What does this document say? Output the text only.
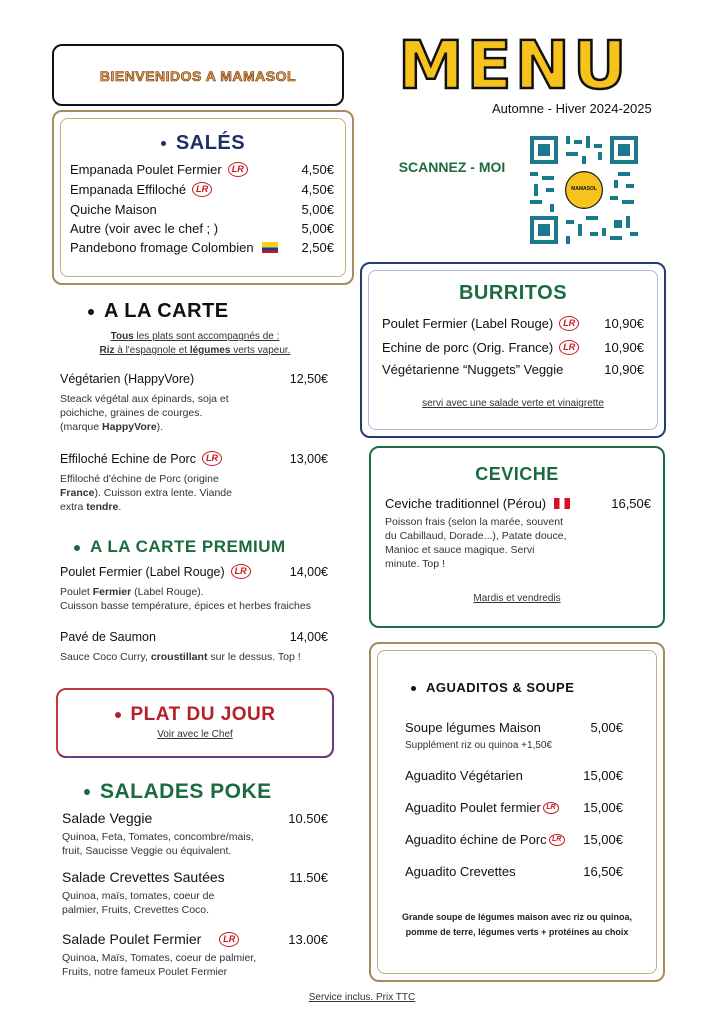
BIENVENIDOS A MAMASOL	MENU
Automne - Hiver 2024-2025
SCANNEZ - MOI
MAMASOL
SALÉS
Empanada Poulet Fermier	LR	4,50€
Empanada Effiloché	LR	4,50€
Quiche Maison	5,00€
Autre (voir avec le chef ; )	5,00€
Pandebono fromage Colombien	2,50€
BURRITOS
Poulet Fermier (Label Rouge)	LR	10,90€
Echine de porc (Orig. France)	LR	10,90€
Végétarienne “Nuggets” Veggie	10,90€
servi avec une salade verte et vinaigrette
A LA CARTE
Tous les plats sont accompagnés de :
Riz à l'espagnole et légumes verts vapeur.
Végétarien (HappyVore)	12,50€
Steack végétal aux épinards, soja et
poichiche, graines de courges.
(marque HappyVore).
Effiloché Echine de Porc	LR	13,00€
Effiloché d'échine de Porc (origine
France). Cuisson extra lente. Viande
extra tendre.
CEVICHE
Ceviche traditionnel (Pérou)	16,50€
Poisson frais (selon la marée, souvent
du Cabillaud, Dorade...), Patate douce,
Manioc et sauce magique. Servi
minute. Top !
Mardis et vendredis
A LA CARTE PREMIUM
Poulet Fermier (Label Rouge)	LR	14,00€
Poulet Fermier (Label Rouge).
Cuisson basse température, épices et herbes fraiches
Pavé de Saumon	14,00€
Sauce Coco Curry, croustillant sur le dessus. Top !
AGUADITOS & SOUPE
Soupe légumes Maison	5,00€
Supplément riz ou quinoa +1,50€
Aguadito Végétarien	15,00€
Aguadito Poulet fermier LR 15,00€
Aguadito échine de Porc LR 15,00€
Aguadito Crevettes	16,50€
Grande soupe de légumes maison avec riz ou quinoa,
pomme de terre, légumes verts + protéines au choix
PLAT DU JOUR
Voir avec le Chef
SALADES POKE
Salade Veggie	10.50€
Quinoa, Feta, Tomates, concombre/mais,
fruit, Saucisse Veggie ou équivalent.
Salade Crevettes Sautées	11.50€
Quinoa, maïs, tomates, coeur de
palmier, Fruits, Crevettes Coco.
Salade Poulet Fermier	LR	13.00€
Quinoa, Maïs, Tomates, coeur de palmier,
Fruits, notre fameux Poulet Fermier
Service inclus. Prix TTC
